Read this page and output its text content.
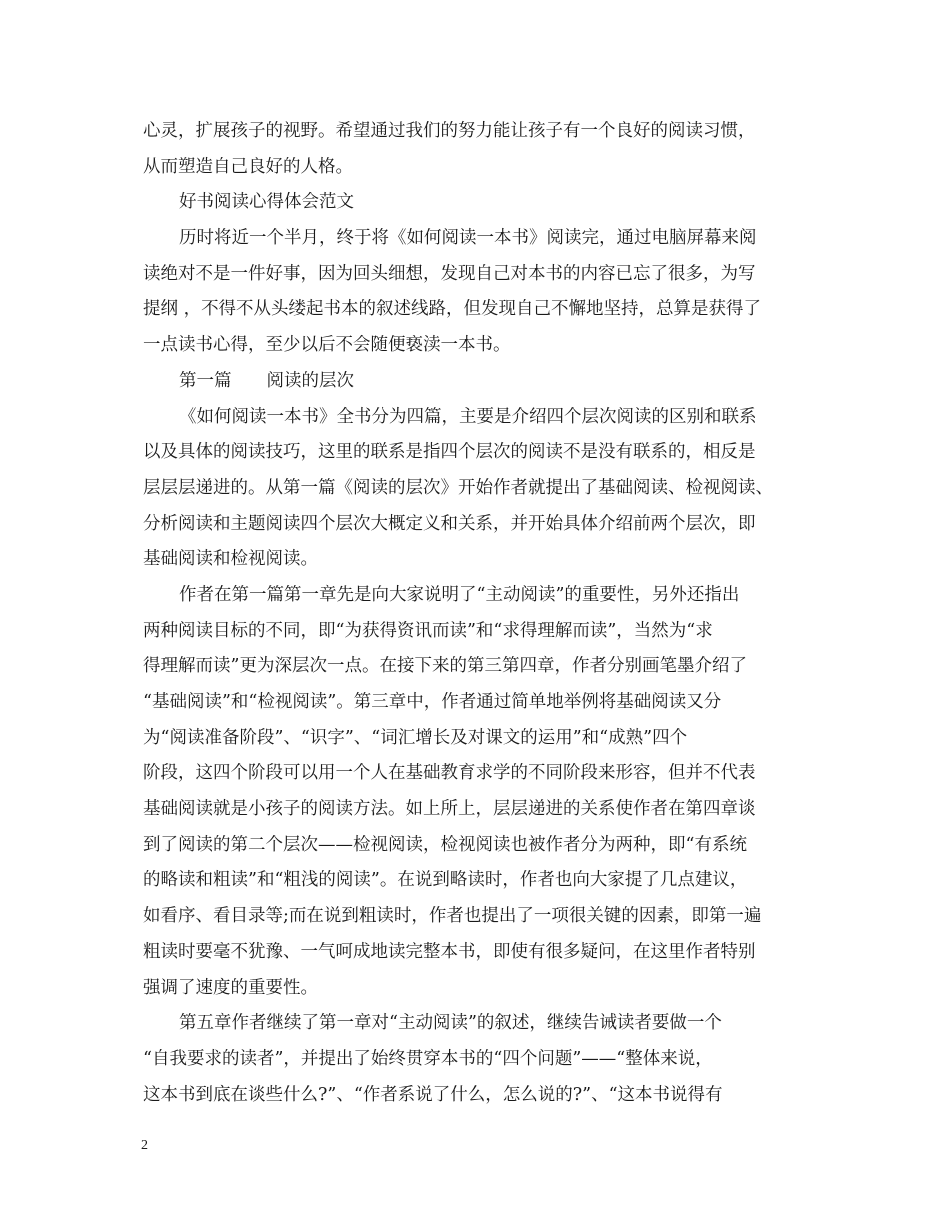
心灵，扩展孩子的视野。希望通过我们的努力能让孩子有一个良好的阅读习惯，
从而塑造自己良好的人格。
好书阅读心得体会范文
历时将近一个半月，终于将《如何阅读一本书》阅读完，通过电脑屏幕来阅
读绝对不是一件好事，因为回头细想，发现自己对本书的内容已忘了很多，为写
提纲 ，不得不从头缕起书本的叙述线路，但发现自己不懈地坚持，总算是获得了
一点读书心得，至少以后不会随便亵渎一本书。
第一篇　　阅读的层次
《如何阅读一本书》全书分为四篇，主要是介绍四个层次阅读的区别和联系
以及具体的阅读技巧，这里的联系是指四个层次的阅读不是没有联系的，相反是
层层层递进的。从第一篇《阅读的层次》开始作者就提出了基础阅读、检视阅读、
分析阅读和主题阅读四个层次大概定义和关系，并开始具体介绍前两个层次，即
基础阅读和检视阅读。
作者在第一篇第一章先是向大家说明了“主动阅读”的重要性，另外还指出
两种阅读目标的不同，即“为获得资讯而读”和“求得理解而读”，当然为“求
得理解而读”更为深层次一点。在接下来的第三第四章，作者分别画笔墨介绍了
“基础阅读”和“检视阅读”。第三章中，作者通过简单地举例将基础阅读又分
为“阅读准备阶段”、“识字”、“词汇增长及对课文的运用”和“成熟”四个
阶段，这四个阶段可以用一个人在基础教育求学的不同阶段来形容，但并不代表
基础阅读就是小孩子的阅读方法。如上所上，层层递进的关系使作者在第四章谈
到了阅读的第二个层次——检视阅读，检视阅读也被作者分为两种，即“有系统
的略读和粗读”和“粗浅的阅读”。在说到略读时，作者也向大家提了几点建议，
如看序、看目录等;而在说到粗读时，作者也提出了一项很关键的因素，即第一遍
粗读时要毫不犹豫、一气呵成地读完整本书，即使有很多疑问，在这里作者特别
强调了速度的重要性。
第五章作者继续了第一章对“主动阅读”的叙述，继续告诫读者要做一个
“自我要求的读者”，并提出了始终贯穿本书的“四个问题”——“整体来说，
这本书到底在谈些什么?”、“作者系说了什么，怎么说的?”、“这本书说得有
2
